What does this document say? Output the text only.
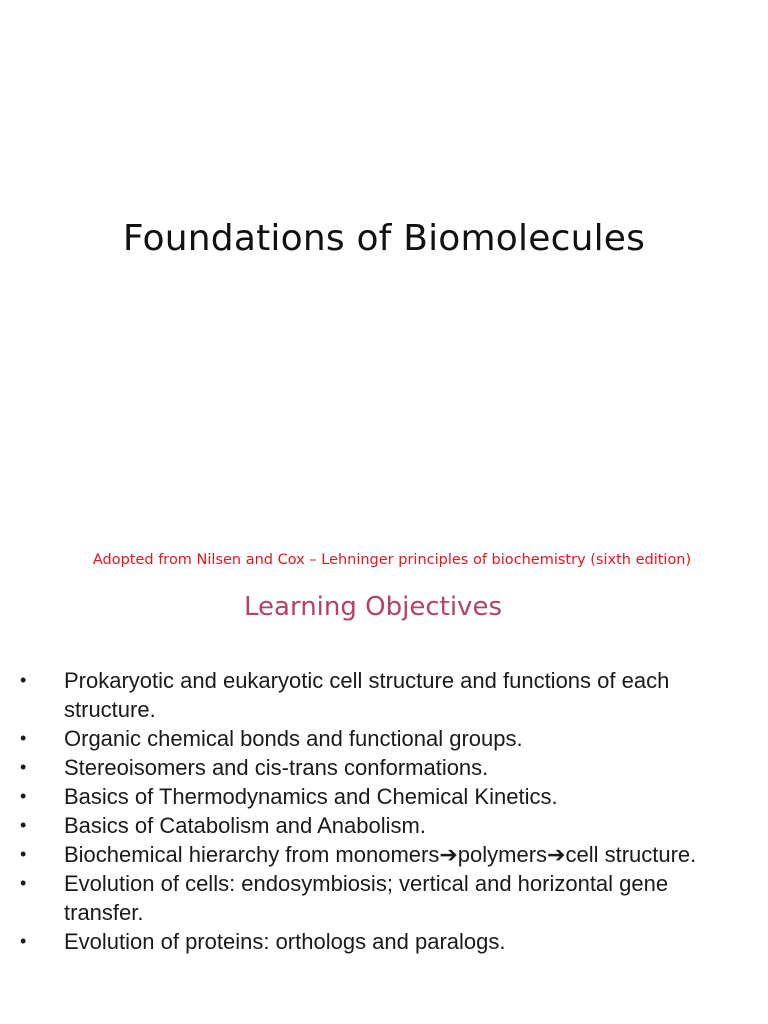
Foundations of Biomolecules
Adopted from Nilsen and Cox – Lehninger principles of biochemistry (sixth edition)
Learning Objectives
• Prokaryotic and eukaryotic cell structure and functions of each structure.
• Organic chemical bonds and functional groups.
• Stereoisomers and cis-trans conformations.
• Basics of Thermodynamics and Chemical Kinetics.
• Basics of Catabolism and Anabolism.
• Biochemical hierarchy from monomers➔polymers➔cell structure.
• Evolution of cells: endosymbiosis; vertical and horizontal gene transfer.
• Evolution of proteins: orthologs and paralogs.
